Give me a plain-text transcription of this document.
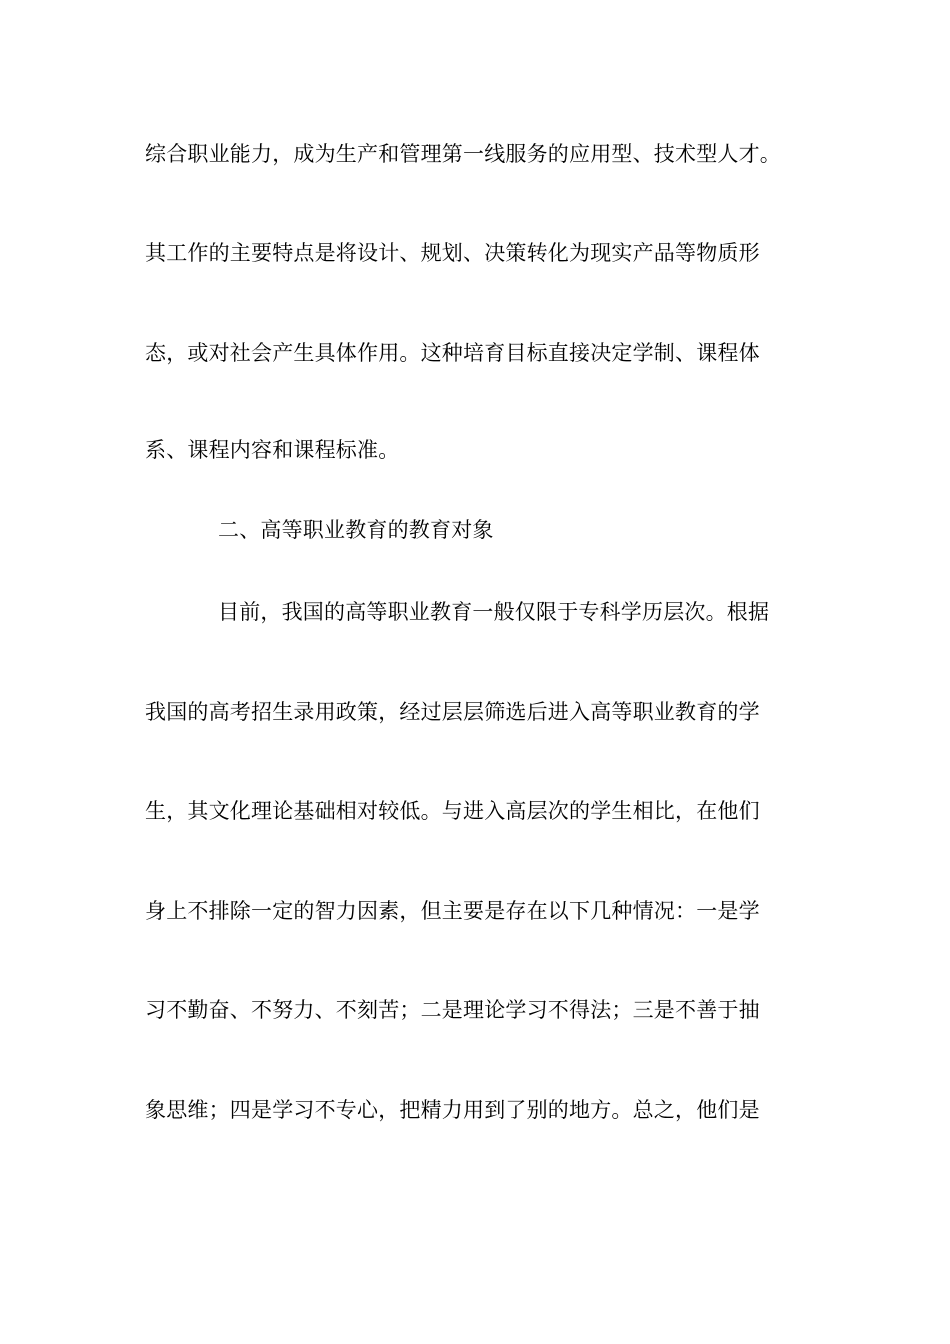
综合职业能力，成为生产和管理第一线服务的应用型、技术型人才。
其工作的主要特点是将设计、规划、决策转化为现实产品等物质形
态，或对社会产生具体作用。这种培育目标直接决定学制、课程体
系、课程内容和课程标准。
二、高等职业教育的教育对象
目前，我国的高等职业教育一般仅限于专科学历层次。根据
我国的高考招生录用政策，经过层层筛选后进入高等职业教育的学
生，其文化理论基础相对较低。与进入高层次的学生相比，在他们
身上不排除一定的智力因素，但主要是存在以下几种情况：一是学
习不勤奋、不努力、不刻苦；二是理论学习不得法；三是不善于抽
象思维；四是学习不专心，把精力用到了别的地方。总之，他们是
